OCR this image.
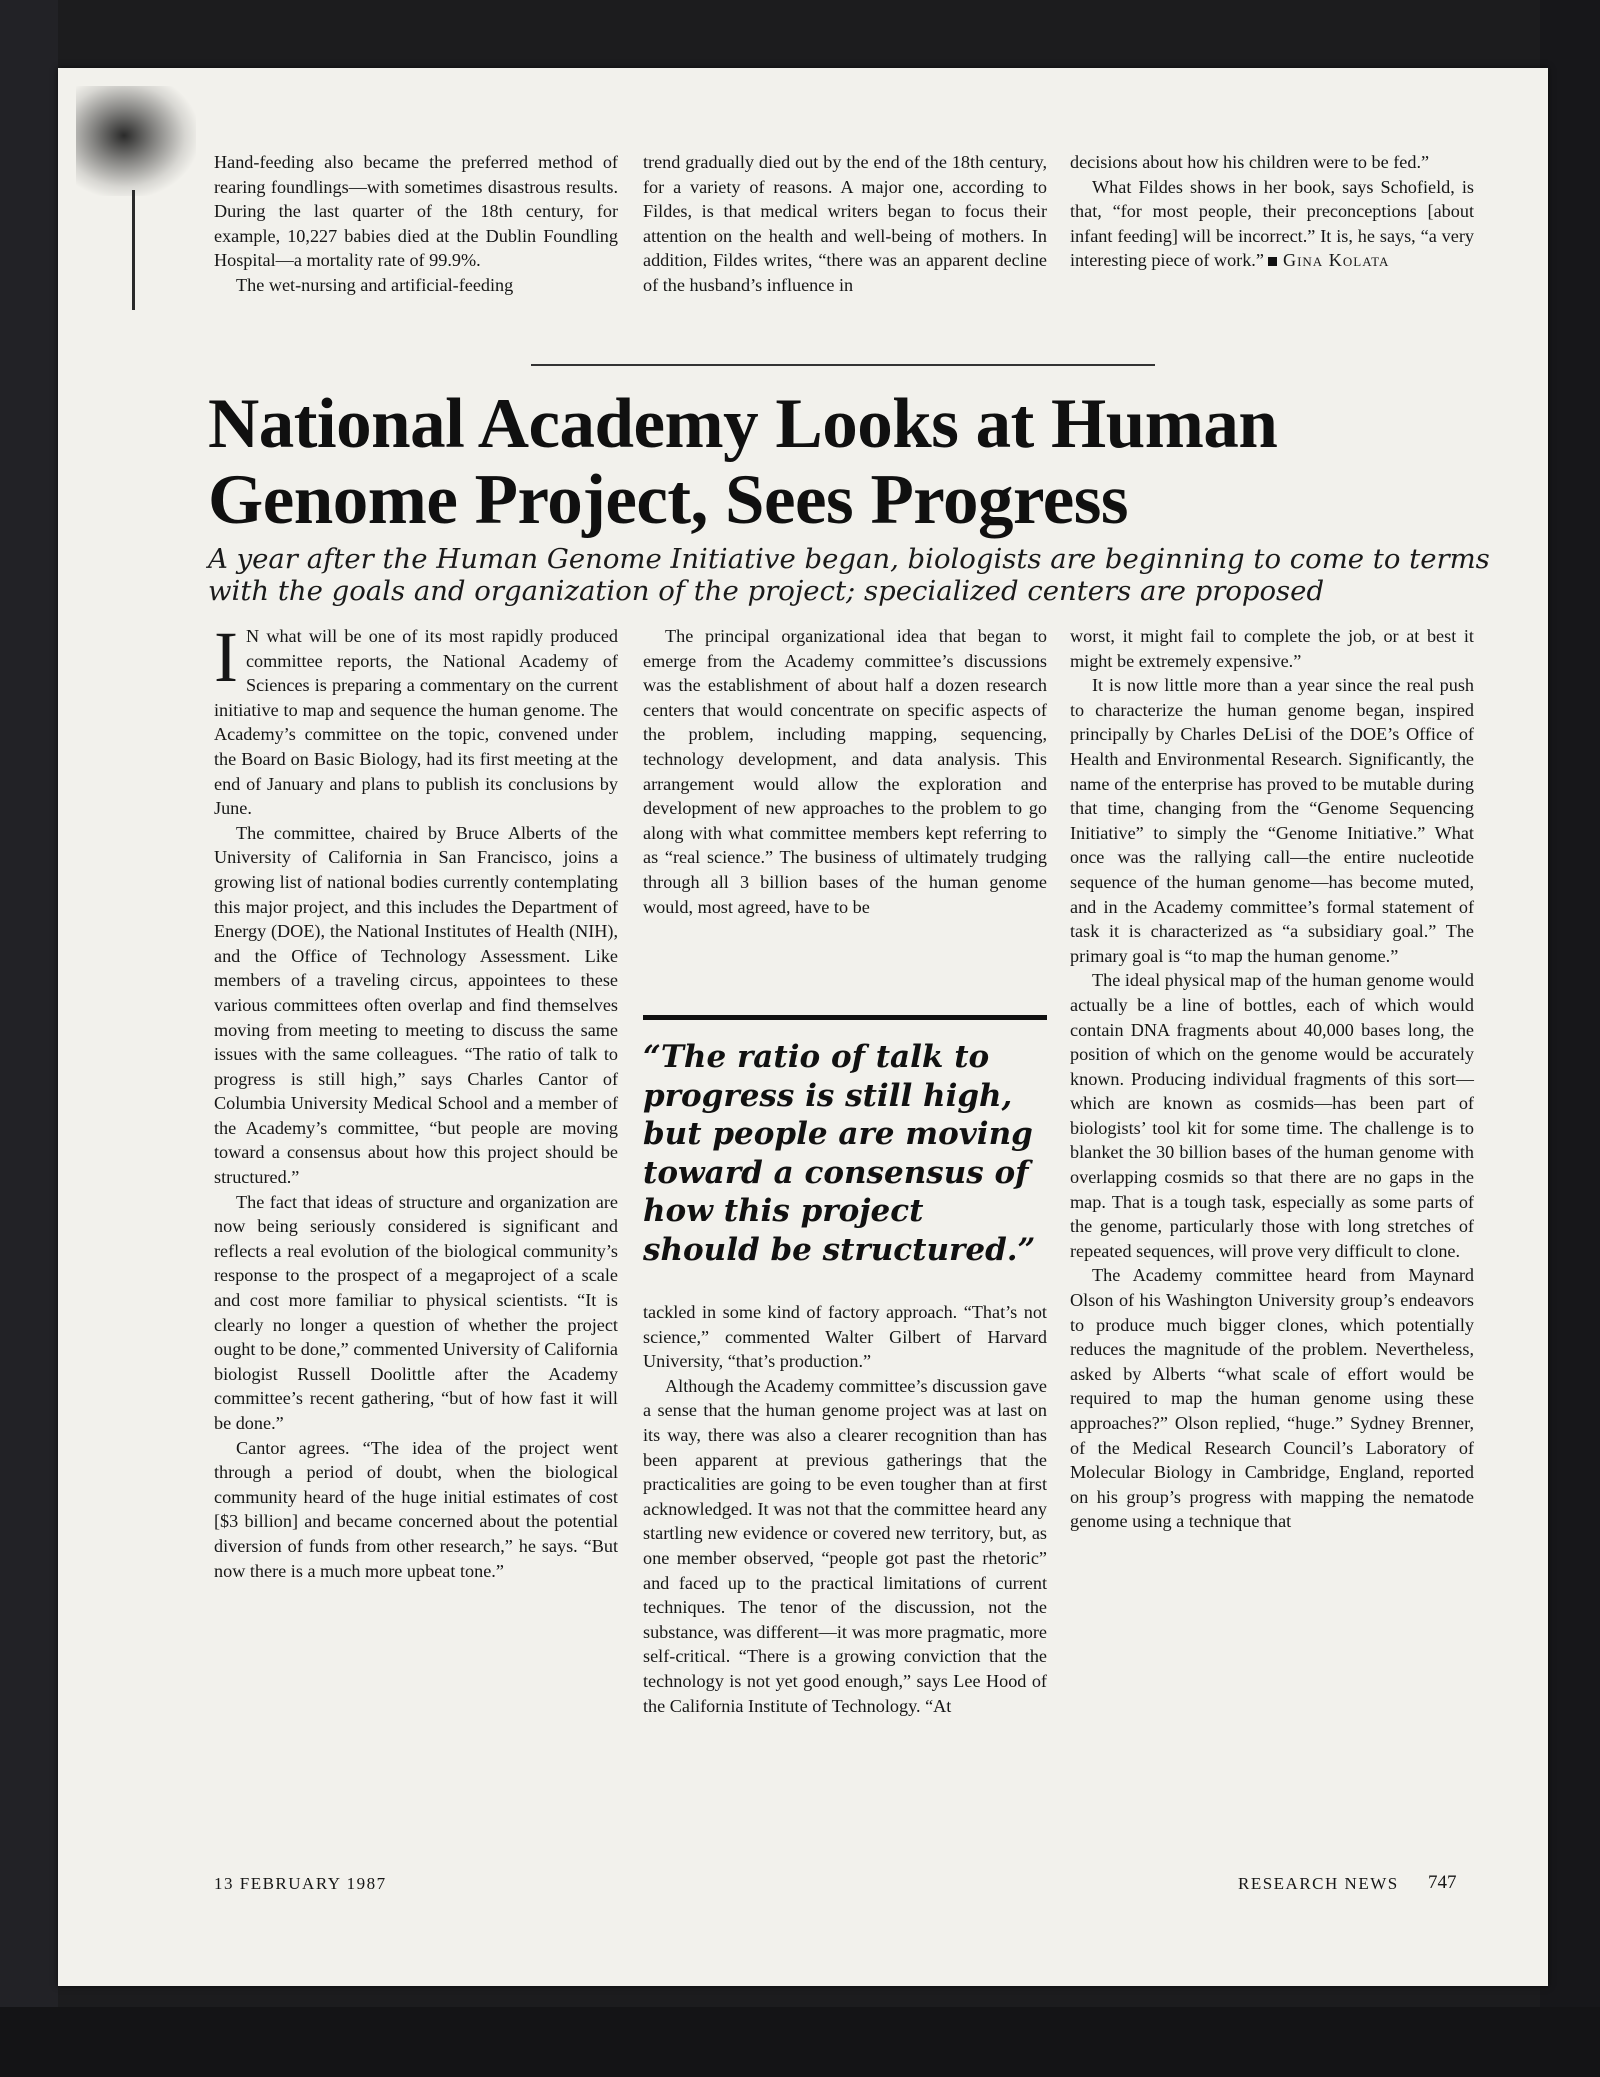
Hand-feeding also became the preferred method of rearing foundlings—with sometimes disastrous results. During the last quarter of the 18th century, for example, 10,227 babies died at the Dublin Foundling Hospital—a mortality rate of 99.9%.

The wet-nursing and artificial-feeding

trend gradually died out by the end of the 18th century, for a variety of reasons. A major one, according to Fildes, is that medical writers began to focus their attention on the health and well-being of mothers. In addition, Fildes writes, “there was an apparent decline of the husband’s influence in

decisions about how his children were to be fed.”

What Fildes shows in her book, says Schofield, is that, “for most people, their preconceptions [about infant feeding] will be incorrect.” It is, he says, “a very interesting piece of work.” Gina Kolata

National Academy Looks at Human Genome Project, Sees Progress

A year after the Human Genome Initiative began, biologists are beginning to come to terms with the goals and organization of the project; specialized centers are proposed

I N what will be one of its most rapidly produced committee reports, the National Academy of Sciences is preparing a commentary on the current initiative to map and sequence the human genome. The Academy’s committee on the topic, convened under the Board on Basic Biology, had its first meeting at the end of January and plans to publish its conclusions by June.

The committee, chaired by Bruce Alberts of the University of California in San Francisco, joins a growing list of national bodies currently contemplating this major project, and this includes the Department of Energy (DOE), the National Institutes of Health (NIH), and the Office of Technology Assessment. Like members of a traveling circus, appointees to these various committees often overlap and find themselves moving from meeting to meeting to discuss the same issues with the same colleagues. “The ratio of talk to progress is still high,” says Charles Cantor of Columbia University Medical School and a member of the Academy’s committee, “but people are moving toward a consensus about how this project should be structured.”

The fact that ideas of structure and organization are now being seriously considered is significant and reflects a real evolution of the biological community’s response to the prospect of a megaproject of a scale and cost more familiar to physical scientists. “It is clearly no longer a question of whether the project ought to be done,” commented University of California biologist Russell Doolittle after the Academy committee’s recent gathering, “but of how fast it will be done.”

Cantor agrees. “The idea of the project went through a period of doubt, when the biological community heard of the huge initial estimates of cost [$3 billion] and became concerned about the potential diversion of funds from other research,” he says. “But now there is a much more upbeat tone.”

The principal organizational idea that began to emerge from the Academy committee’s discussions was the establishment of about half a dozen research centers that would concentrate on specific aspects of the problem, including mapping, sequencing, technology development, and data analysis. This arrangement would allow the exploration and development of new approaches to the problem to go along with what committee members kept referring to as “real science.” The business of ultimately trudging through all 3 billion bases of the human genome would, most agreed, have to be

“The ratio of talk to progress is still high, but people are moving toward a consensus of how this project should be structured.”

tackled in some kind of factory approach. “That’s not science,” commented Walter Gilbert of Harvard University, “that’s production.”

Although the Academy committee’s discussion gave a sense that the human genome project was at last on its way, there was also a clearer recognition than has been apparent at previous gatherings that the practicalities are going to be even tougher than at first acknowledged. It was not that the committee heard any startling new evidence or covered new territory, but, as one member observed, “people got past the rhetoric” and faced up to the practical limitations of current techniques. The tenor of the discussion, not the substance, was different—it was more pragmatic, more self-critical. “There is a growing conviction that the technology is not yet good enough,” says Lee Hood of the California Institute of Technology. “At

worst, it might fail to complete the job, or at best it might be extremely expensive.”

It is now little more than a year since the real push to characterize the human genome began, inspired principally by Charles DeLisi of the DOE’s Office of Health and Environmental Research. Significantly, the name of the enterprise has proved to be mutable during that time, changing from the “Genome Sequencing Initiative” to simply the “Genome Initiative.” What once was the rallying call—the entire nucleotide sequence of the human genome—has become muted, and in the Academy committee’s formal statement of task it is characterized as “a subsidiary goal.” The primary goal is “to map the human genome.”

The ideal physical map of the human genome would actually be a line of bottles, each of which would contain DNA fragments about 40,000 bases long, the position of which on the genome would be accurately known. Producing individual fragments of this sort—which are known as cosmids—has been part of biologists’ tool kit for some time. The challenge is to blanket the 30 billion bases of the human genome with overlapping cosmids so that there are no gaps in the map. That is a tough task, especially as some parts of the genome, particularly those with long stretches of repeated sequences, will prove very difficult to clone.

The Academy committee heard from Maynard Olson of his Washington University group’s endeavors to produce much bigger clones, which potentially reduces the magnitude of the problem. Nevertheless, asked by Alberts “what scale of effort would be required to map the human genome using these approaches?” Olson replied, “huge.” Sydney Brenner, of the Medical Research Council’s Laboratory of Molecular Biology in Cambridge, England, reported on his group’s progress with mapping the nematode genome using a technique that

13 FEBRUARY 1987	RESEARCH NEWS 747
